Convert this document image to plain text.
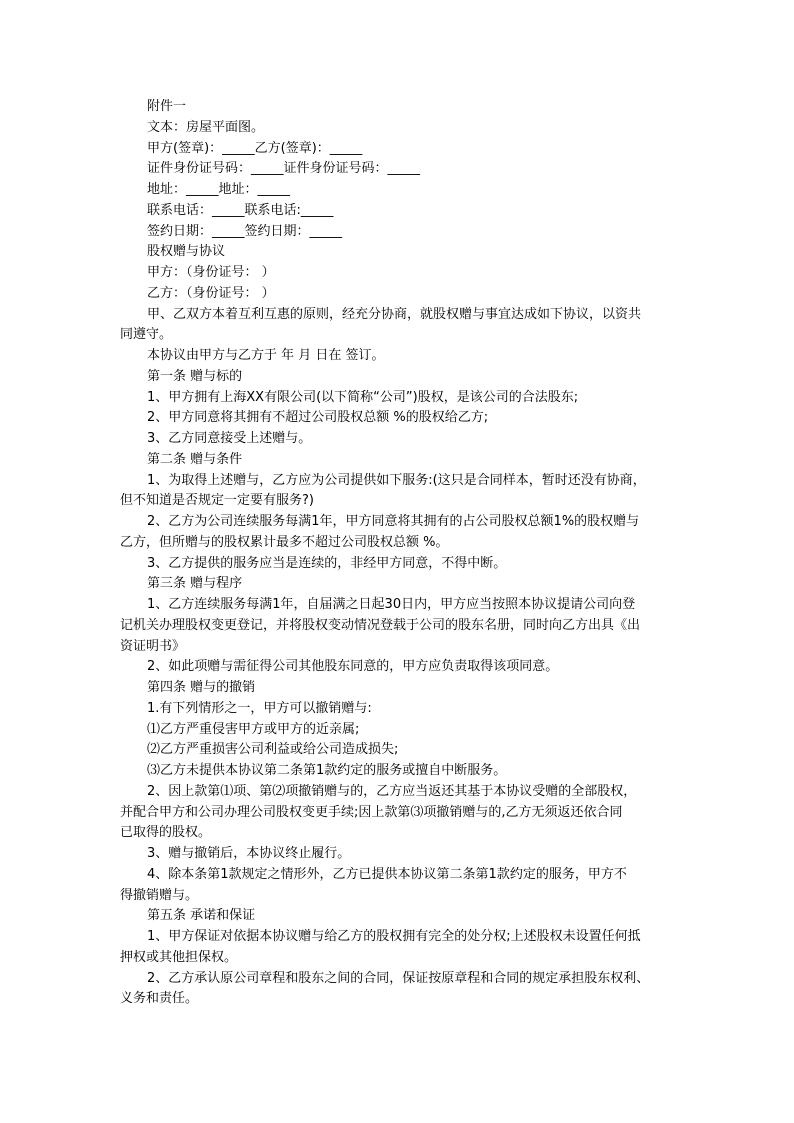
附件一
文本：房屋平面图。
甲方(签章)：_____乙方(签章)：_____
证件身份证号码：_____证件身份证号码：_____
地址：_____地址：_____
联系电话：_____联系电话:_____
签约日期：_____签约日期：_____
股权赠与协议
甲方：（身份证号： ）
乙方：（身份证号： ）
甲、乙双方本着互利互惠的原则，经充分协商，就股权赠与事宜达成如下协议，以资共
同遵守。
本协议由甲方与乙方于 年 月 日在 签订。
第一条 赠与标的
1、甲方拥有上海XX有限公司(以下简称“公司”)股权，是该公司的合法股东;
2、甲方同意将其拥有不超过公司股权总额 %的股权给乙方;
3、乙方同意接受上述赠与。
第二条 赠与条件
1、为取得上述赠与，乙方应为公司提供如下服务:(这只是合同样本，暂时还没有协商，
但不知道是否规定一定要有服务?)
2、乙方为公司连续服务每满1年，甲方同意将其拥有的占公司股权总额1%的股权赠与
乙方，但所赠与的股权累计最多不超过公司股权总额 %。
3、乙方提供的服务应当是连续的，非经甲方同意，不得中断。
第三条 赠与程序
1、乙方连续服务每满1年，自届满之日起30日内，甲方应当按照本协议提请公司向登
记机关办理股权变更登记，并将股权变动情况登载于公司的股东名册，同时向乙方出具《出
资证明书》
2、如此项赠与需征得公司其他股东同意的，甲方应负责取得该项同意。
第四条 赠与的撤销
1.有下列情形之一，甲方可以撤销赠与:
⑴乙方严重侵害甲方或甲方的近亲属;
⑵乙方严重损害公司利益或给公司造成损失;
⑶乙方未提供本协议第二条第1款约定的服务或擅自中断服务。
2、因上款第⑴项、第⑵项撤销赠与的，乙方应当返还其基于本协议受赠的全部股权，
并配合甲方和公司办理公司股权变更手续;因上款第⑶项撤销赠与的,乙方无须返还依合同
已取得的股权。
3、赠与撤销后，本协议终止履行。
4、除本条第1款规定之情形外，乙方已提供本协议第二条第1款约定的服务，甲方不
得撤销赠与。
第五条 承诺和保证
1、甲方保证对依据本协议赠与给乙方的股权拥有完全的处分权;上述股权未设置任何抵
押权或其他担保权。
2、乙方承认原公司章程和股东之间的合同，保证按原章程和合同的规定承担股东权利、
义务和责任。
